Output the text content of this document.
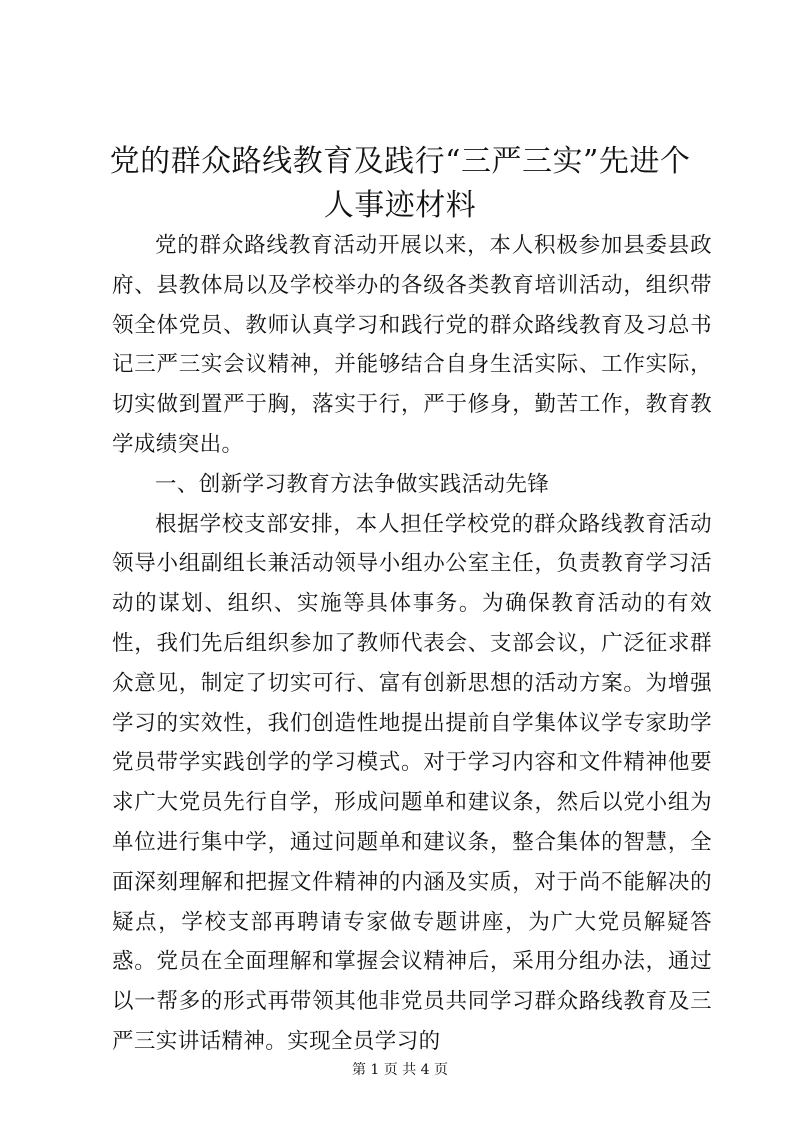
党的群众路线教育及践行“三严三实”先进个人事迹材料

党的群众路线教育活动开展以来，本人积极参加县委县政府、县教体局以及学校举办的各级各类教育培训活动，组织带领全体党员、教师认真学习和践行党的群众路线教育及习总书记三严三实会议精神，并能够结合自身生活实际、工作实际，切实做到置严于胸，落实于行，严于修身，勤苦工作，教育教学成绩突出。

一、创新学习教育方法争做实践活动先锋

根据学校支部安排，本人担任学校党的群众路线教育活动领导小组副组长兼活动领导小组办公室主任，负责教育学习活动的谋划、组织、实施等具体事务。为确保教育活动的有效性，我们先后组织参加了教师代表会、支部会议，广泛征求群众意见，制定了切实可行、富有创新思想的活动方案。为增强学习的实效性，我们创造性地提出提前自学集体议学专家助学党员带学实践创学的学习模式。对于学习内容和文件精神他要求广大党员先行自学，形成问题单和建议条，然后以党小组为单位进行集中学，通过问题单和建议条，整合集体的智慧，全面深刻理解和把握文件精神的内涵及实质，对于尚不能解决的疑点，学校支部再聘请专家做专题讲座，为广大党员解疑答惑。党员在全面理解和掌握会议精神后，采用分组办法，通过以一帮多的形式再带领其他非党员共同学习群众路线教育及三严三实讲话精神。实现全员学习的

第 1 页 共 4 页
